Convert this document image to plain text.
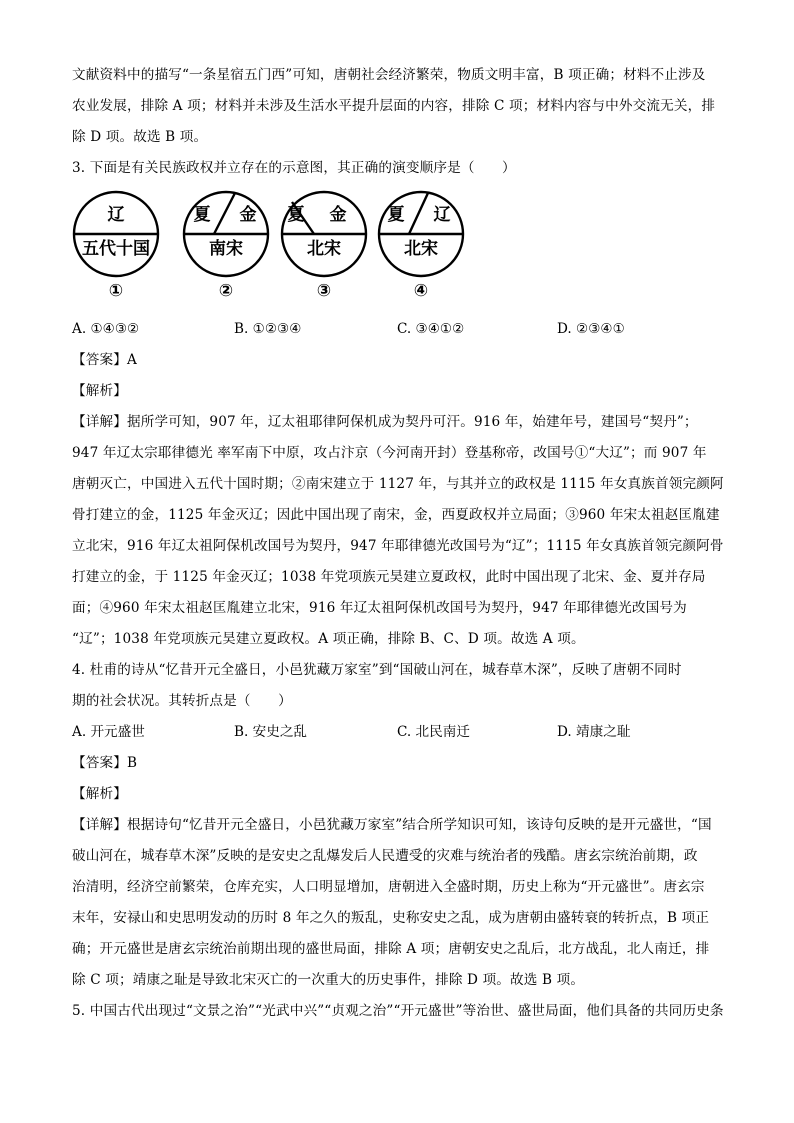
文献资料中的描写“一条星宿五门西”可知，唐朝社会经济繁荣，物质文明丰富，B 项正确；材料不止涉及
农业发展，排除 A 项；材料并未涉及生活水平提升层面的内容，排除 C 项；材料内容与中外交流无关，排
除 D 项。故选 B 项。
3. 下面是有关民族政权并立存在的示意图，其正确的演变顺序是（　　）
辽
五代十国
①
夏 金
南宋
②
夏 金
北宋
③
夏 辽
北宋
④
A. ①④③②	B. ①②③④	C. ③④①②	D. ②③④①
【答案】A
【解析】
【详解】据所学可知，907 年，辽太祖耶律阿保机成为契丹可汗。916 年，始建年号，建国号“契丹”；
947 年辽太宗耶律德光 率军南下中原，攻占汴京（今河南开封）登基称帝，改国号①“大辽”；而 907 年
唐朝灭亡，中国进入五代十国时期；②南宋建立于 1127 年，与其并立的政权是 1115 年女真族首领完颜阿
骨打建立的金，1125 年金灭辽；因此中国出现了南宋，金，西夏政权并立局面；③960 年宋太祖赵匡胤建
立北宋，916 年辽太祖阿保机改国号为契丹，947 年耶律德光改国号为“辽”；1115 年女真族首领完颜阿骨
打建立的金，于 1125 年金灭辽；1038 年党项族元昊建立夏政权，此时中国出现了北宋、金、夏并存局
面；④960 年宋太祖赵匡胤建立北宋，916 年辽太祖阿保机改国号为契丹，947 年耶律德光改国号为
“辽”；1038 年党项族元昊建立夏政权。A 项正确，排除 B、C、D 项。故选 A 项。
4. 杜甫的诗从“忆昔开元全盛日，小邑犹藏万家室”到“国破山河在，城春草木深”，反映了唐朝不同时
期的社会状况。其转折点是（　　）
A. 开元盛世	B. 安史之乱	C. 北民南迁	D. 靖康之耻
【答案】B
【解析】
【详解】根据诗句“忆昔开元全盛日，小邑犹藏万家室”结合所学知识可知，该诗句反映的是开元盛世，“国
破山河在，城春草木深”反映的是安史之乱爆发后人民遭受的灾难与统治者的残酷。唐玄宗统治前期，政
治清明，经济空前繁荣，仓库充实，人口明显增加，唐朝进入全盛时期，历史上称为“开元盛世”。唐玄宗
末年，安禄山和史思明发动的历时 8 年之久的叛乱，史称安史之乱，成为唐朝由盛转衰的转折点，B 项正
确；开元盛世是唐玄宗统治前期出现的盛世局面，排除 A 项；唐朝安史之乱后，北方战乱，北人南迁，排
除 C 项；靖康之耻是导致北宋灭亡的一次重大的历史事件，排除 D 项。故选 B 项。
5. 中国古代出现过“文景之治”“光武中兴”“贞观之治”“开元盛世”等治世、盛世局面，他们具备的共同历史条
